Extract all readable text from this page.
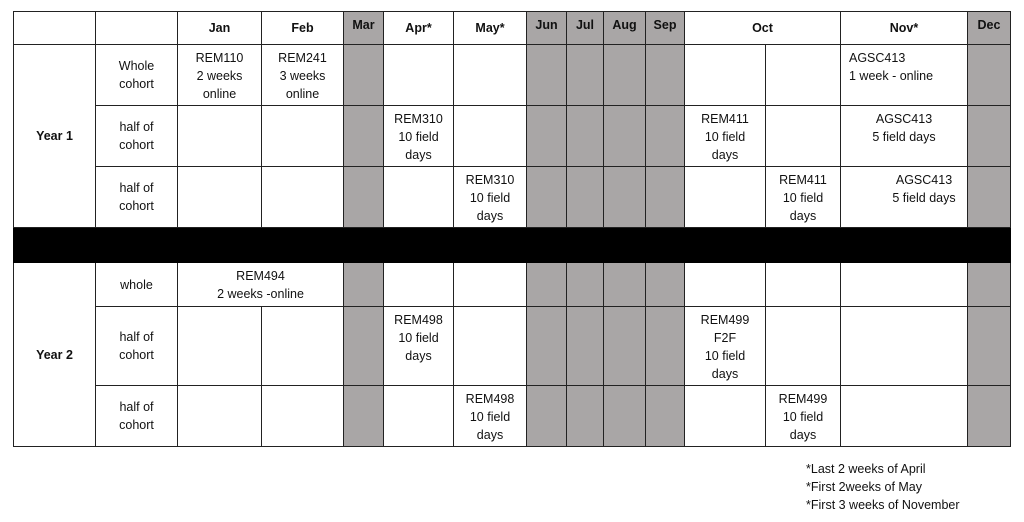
		Jan	Feb	Mar	Apr*	May*	Jun	Jul	Aug	Sep	Oct		Nov*	Dec
Year 1	Whole
cohort	REM110
2 weeks
online	REM241
3 weeks
online										AGSC413
1 week - online	

	half of
cohort				REM310
10 field
days						REM411
10 field
days		AGSC413
5 field days	

	half of
cohort					REM310
10 field
days						REM411
10 field
days	AGSC413
5 field days	

Year 2	whole	REM494
2 weeks -online												

	half of
cohort				REM498
10 field
days						REM499
F2F
10 field
days			

	half of
cohort					REM498
10 field
days						REM499
10 field
days		

*Last 2 weeks of April
*First 2weeks of May
*First 3 weeks of November
